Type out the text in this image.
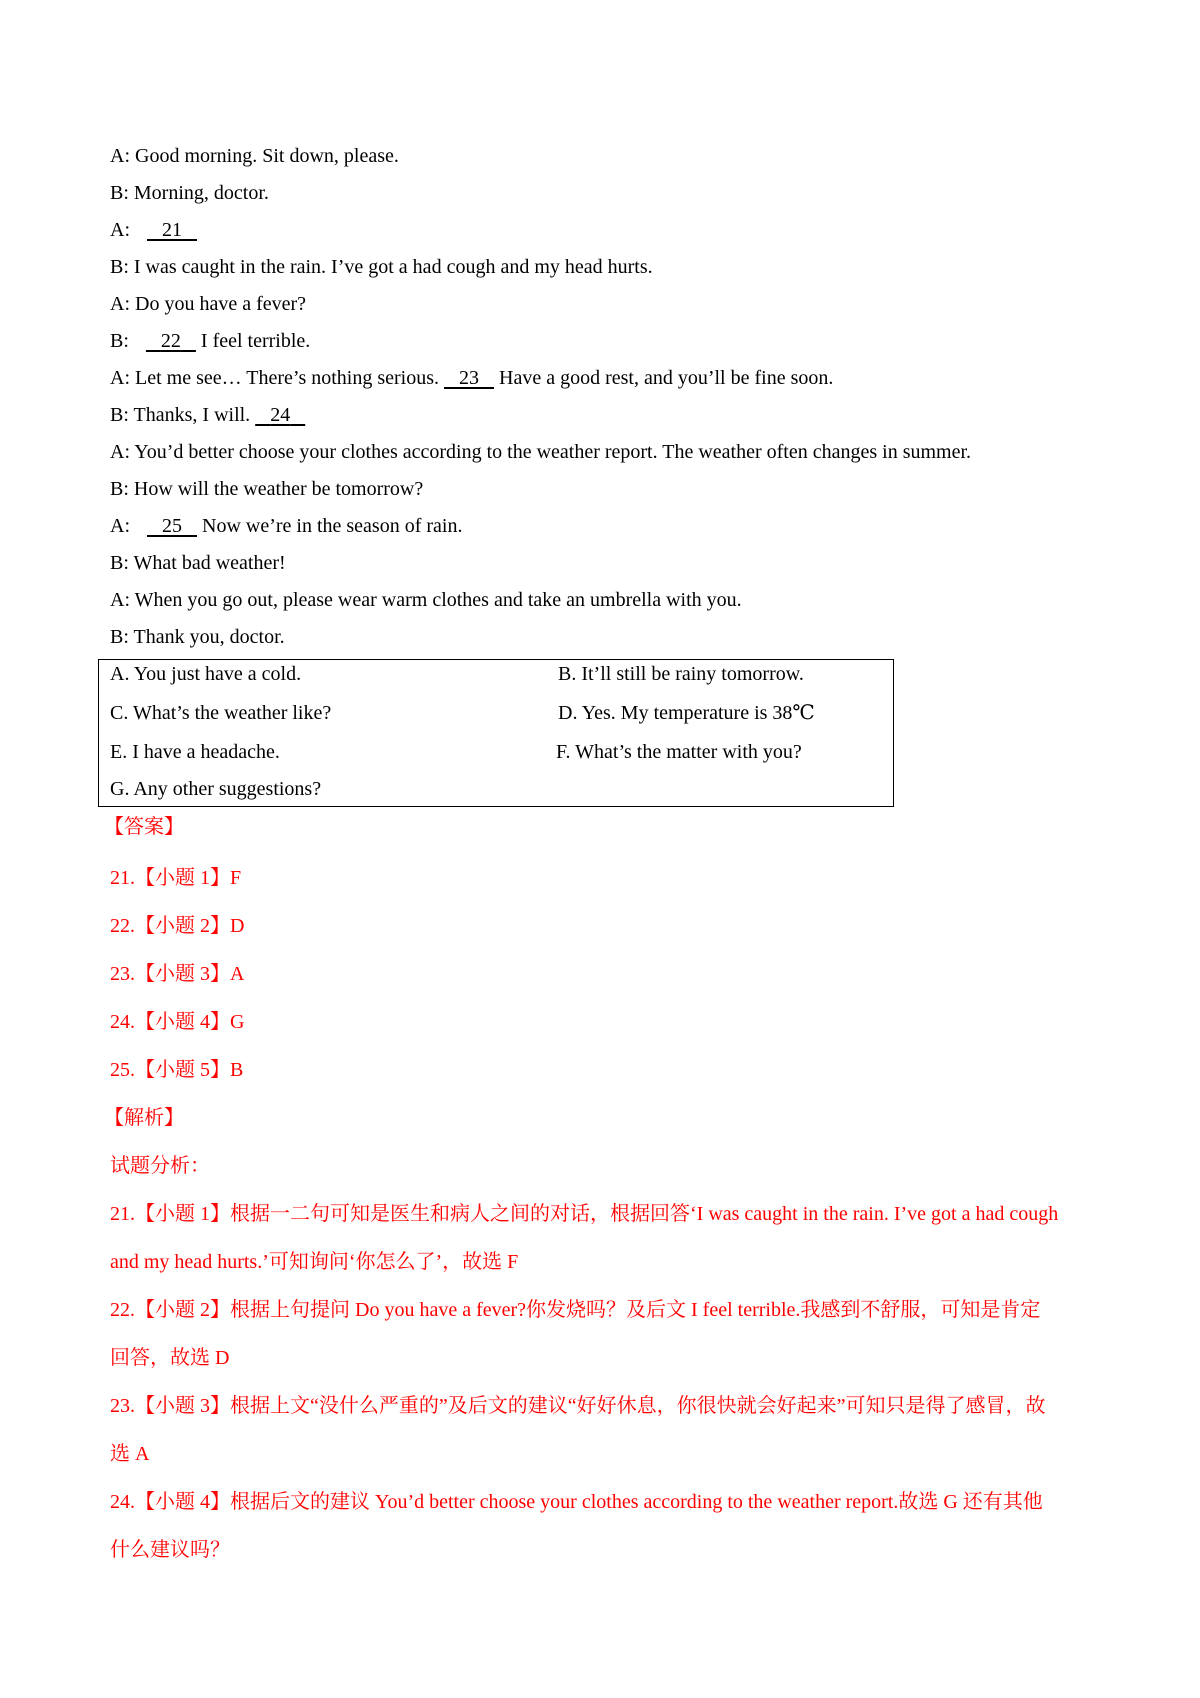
A: Good morning. Sit down, please.
B: Morning, doctor.
A:    21
B: I was caught in the rain. I’ve got a had cough and my head hurts.
A: Do you have a fever?
B:    22    I feel terrible.
A: Let me see… There’s nothing serious.    23    Have a good rest, and you’ll be fine soon.
B: Thanks, I will.    24
A: You’d better choose your clothes according to the weather report. The weather often changes in summer.
B: How will the weather be tomorrow?
A:    25    Now we’re in the season of rain.
B: What bad weather!
A: When you go out, please wear warm clothes and take an umbrella with you.
B: Thank you, doctor.
A. You just have a cold.	B. It’ll still be rainy tomorrow.
C. What’s the weather like?	D. Yes. My temperature is 38℃
E. I have a headache.	F. What’s the matter with you?
G. Any other suggestions?
【答案】
21.【小题 1】F
22.【小题 2】D
23.【小题 3】A
24.【小题 4】G
25.【小题 5】B
【解析】
试题分析：
21.【小题 1】根据一二句可知是医生和病人之间的对话，根据回答‘I was caught in the rain. I’ve got a had cough
and my head hurts.’可知询问‘你怎么了’，故选 F
22.【小题 2】根据上句提问 Do you have a fever?你发烧吗？及后文 I feel terrible.我感到不舒服，可知是肯定
回答，故选 D
23.【小题 3】根据上文“没什么严重的”及后文的建议“好好休息，你很快就会好起来”可知只是得了感冒，故
选 A
24.【小题 4】根据后文的建议 You’d better choose your clothes according to the weather report.故选 G 还有其他
什么建议吗？
